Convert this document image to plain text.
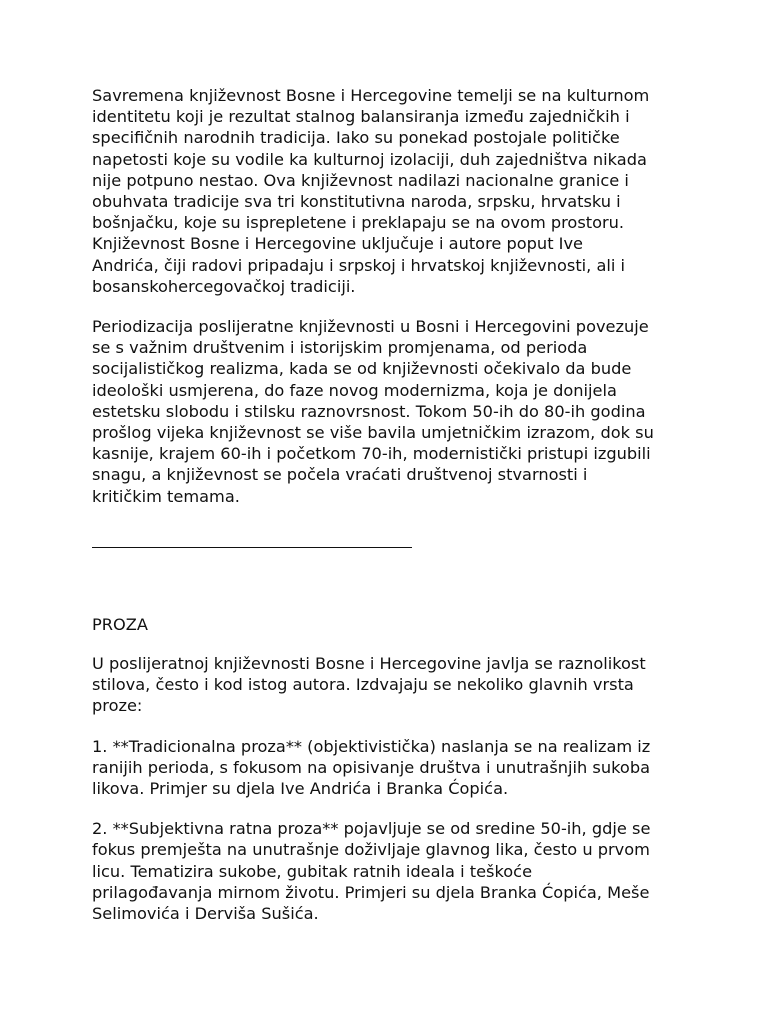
Savremena književnost Bosne i Hercegovine temelji se na kulturnom
identitetu koji je rezultat stalnog balansiranja između zajedničkih i
specifičnih narodnih tradicija. Iako su ponekad postojale političke
napetosti koje su vodile ka kulturnoj izolaciji, duh zajedništva nikada
nije potpuno nestao. Ova književnost nadilazi nacionalne granice i
obuhvata tradicije sva tri konstitutivna naroda, srpsku, hrvatsku i
bošnjačku, koje su isprepletene i preklapaju se na ovom prostoru.
Književnost Bosne i Hercegovine uključuje i autore poput Ive
Andrića, čiji radovi pripadaju i srpskoj i hrvatskoj književnosti, ali i
bosanskohercegovačkoj tradiciji.

Periodizacija poslijeratne književnosti u Bosni i Hercegovini povezuje
se s važnim društvenim i istorijskim promjenama, od perioda
socijalističkog realizma, kada se od književnosti očekivalo da bude
ideološki usmjerena, do faze novog modernizma, koja je donijela
estetsku slobodu i stilsku raznovrsnost. Tokom 50-ih do 80-ih godina
prošlog vijeka književnost se više bavila umjetničkim izrazom, dok su
kasnije, krajem 60-ih i početkom 70-ih, modernistički pristupi izgubili
snagu, a književnost se počela vraćati društvenoj stvarnosti i
kritičkim temama.

PROZA

U poslijeratnoj književnosti Bosne i Hercegovine javlja se raznolikost
stilova, često i kod istog autora. Izdvajaju se nekoliko glavnih vrsta
proze:

1. **Tradicionalna proza** (objektivistička) naslanja se na realizam iz
ranijih perioda, s fokusom na opisivanje društva i unutrašnjih sukoba
likova. Primjer su djela Ive Andrića i Branka Ćopića.

2. **Subjektivna ratna proza** pojavljuje se od sredine 50-ih, gdje se
fokus premješta na unutrašnje doživljaje glavnog lika, često u prvom
licu. Tematizira sukobe, gubitak ratnih ideala i teškoće
prilagođavanja mirnom životu. Primjeri su djela Branka Ćopića, Meše
Selimovića i Derviša Sušića.
